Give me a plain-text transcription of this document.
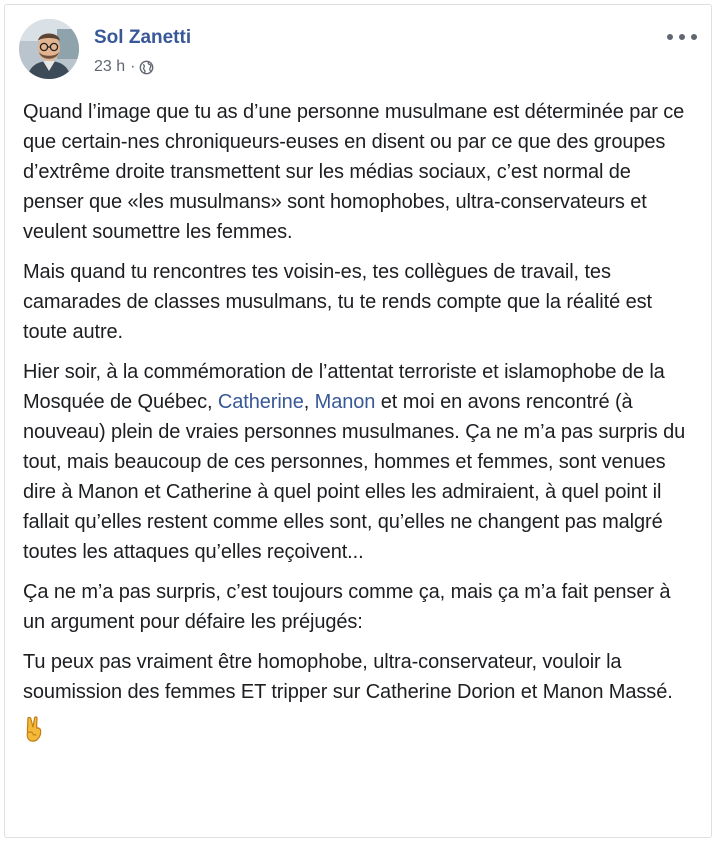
Sol Zanetti
23 h ·

Quand l’image que tu as d’une personne musulmane est déterminée par ce que certain-nes chroniqueurs-euses en disent ou par ce que des groupes d’extrême droite transmettent sur les médias sociaux, c’est normal de penser que «les musulmans» sont homophobes, ultra-conservateurs et veulent soumettre les femmes.

Mais quand tu rencontres tes voisin-es, tes collègues de travail, tes camarades de classes musulmans, tu te rends compte que la réalité est toute autre.

Hier soir, à la commémoration de l’attentat terroriste et islamophobe de la Mosquée de Québec, Catherine, Manon et moi en avons rencontré (à nouveau) plein de vraies personnes musulmanes. Ça ne m’a pas surpris du tout, mais beaucoup de ces personnes, hommes et femmes, sont venues dire à Manon et Catherine à quel point elles les admiraient, à quel point il fallait qu’elles restent comme elles sont, qu’elles ne changent pas malgré toutes les attaques qu’elles reçoivent...

Ça ne m’a pas surpris, c’est toujours comme ça, mais ça m’a fait penser à un argument pour défaire les préjugés:

Tu peux pas vraiment être homophobe, ultra-conservateur, vouloir la soumission des femmes ET tripper sur Catherine Dorion et Manon Massé.
